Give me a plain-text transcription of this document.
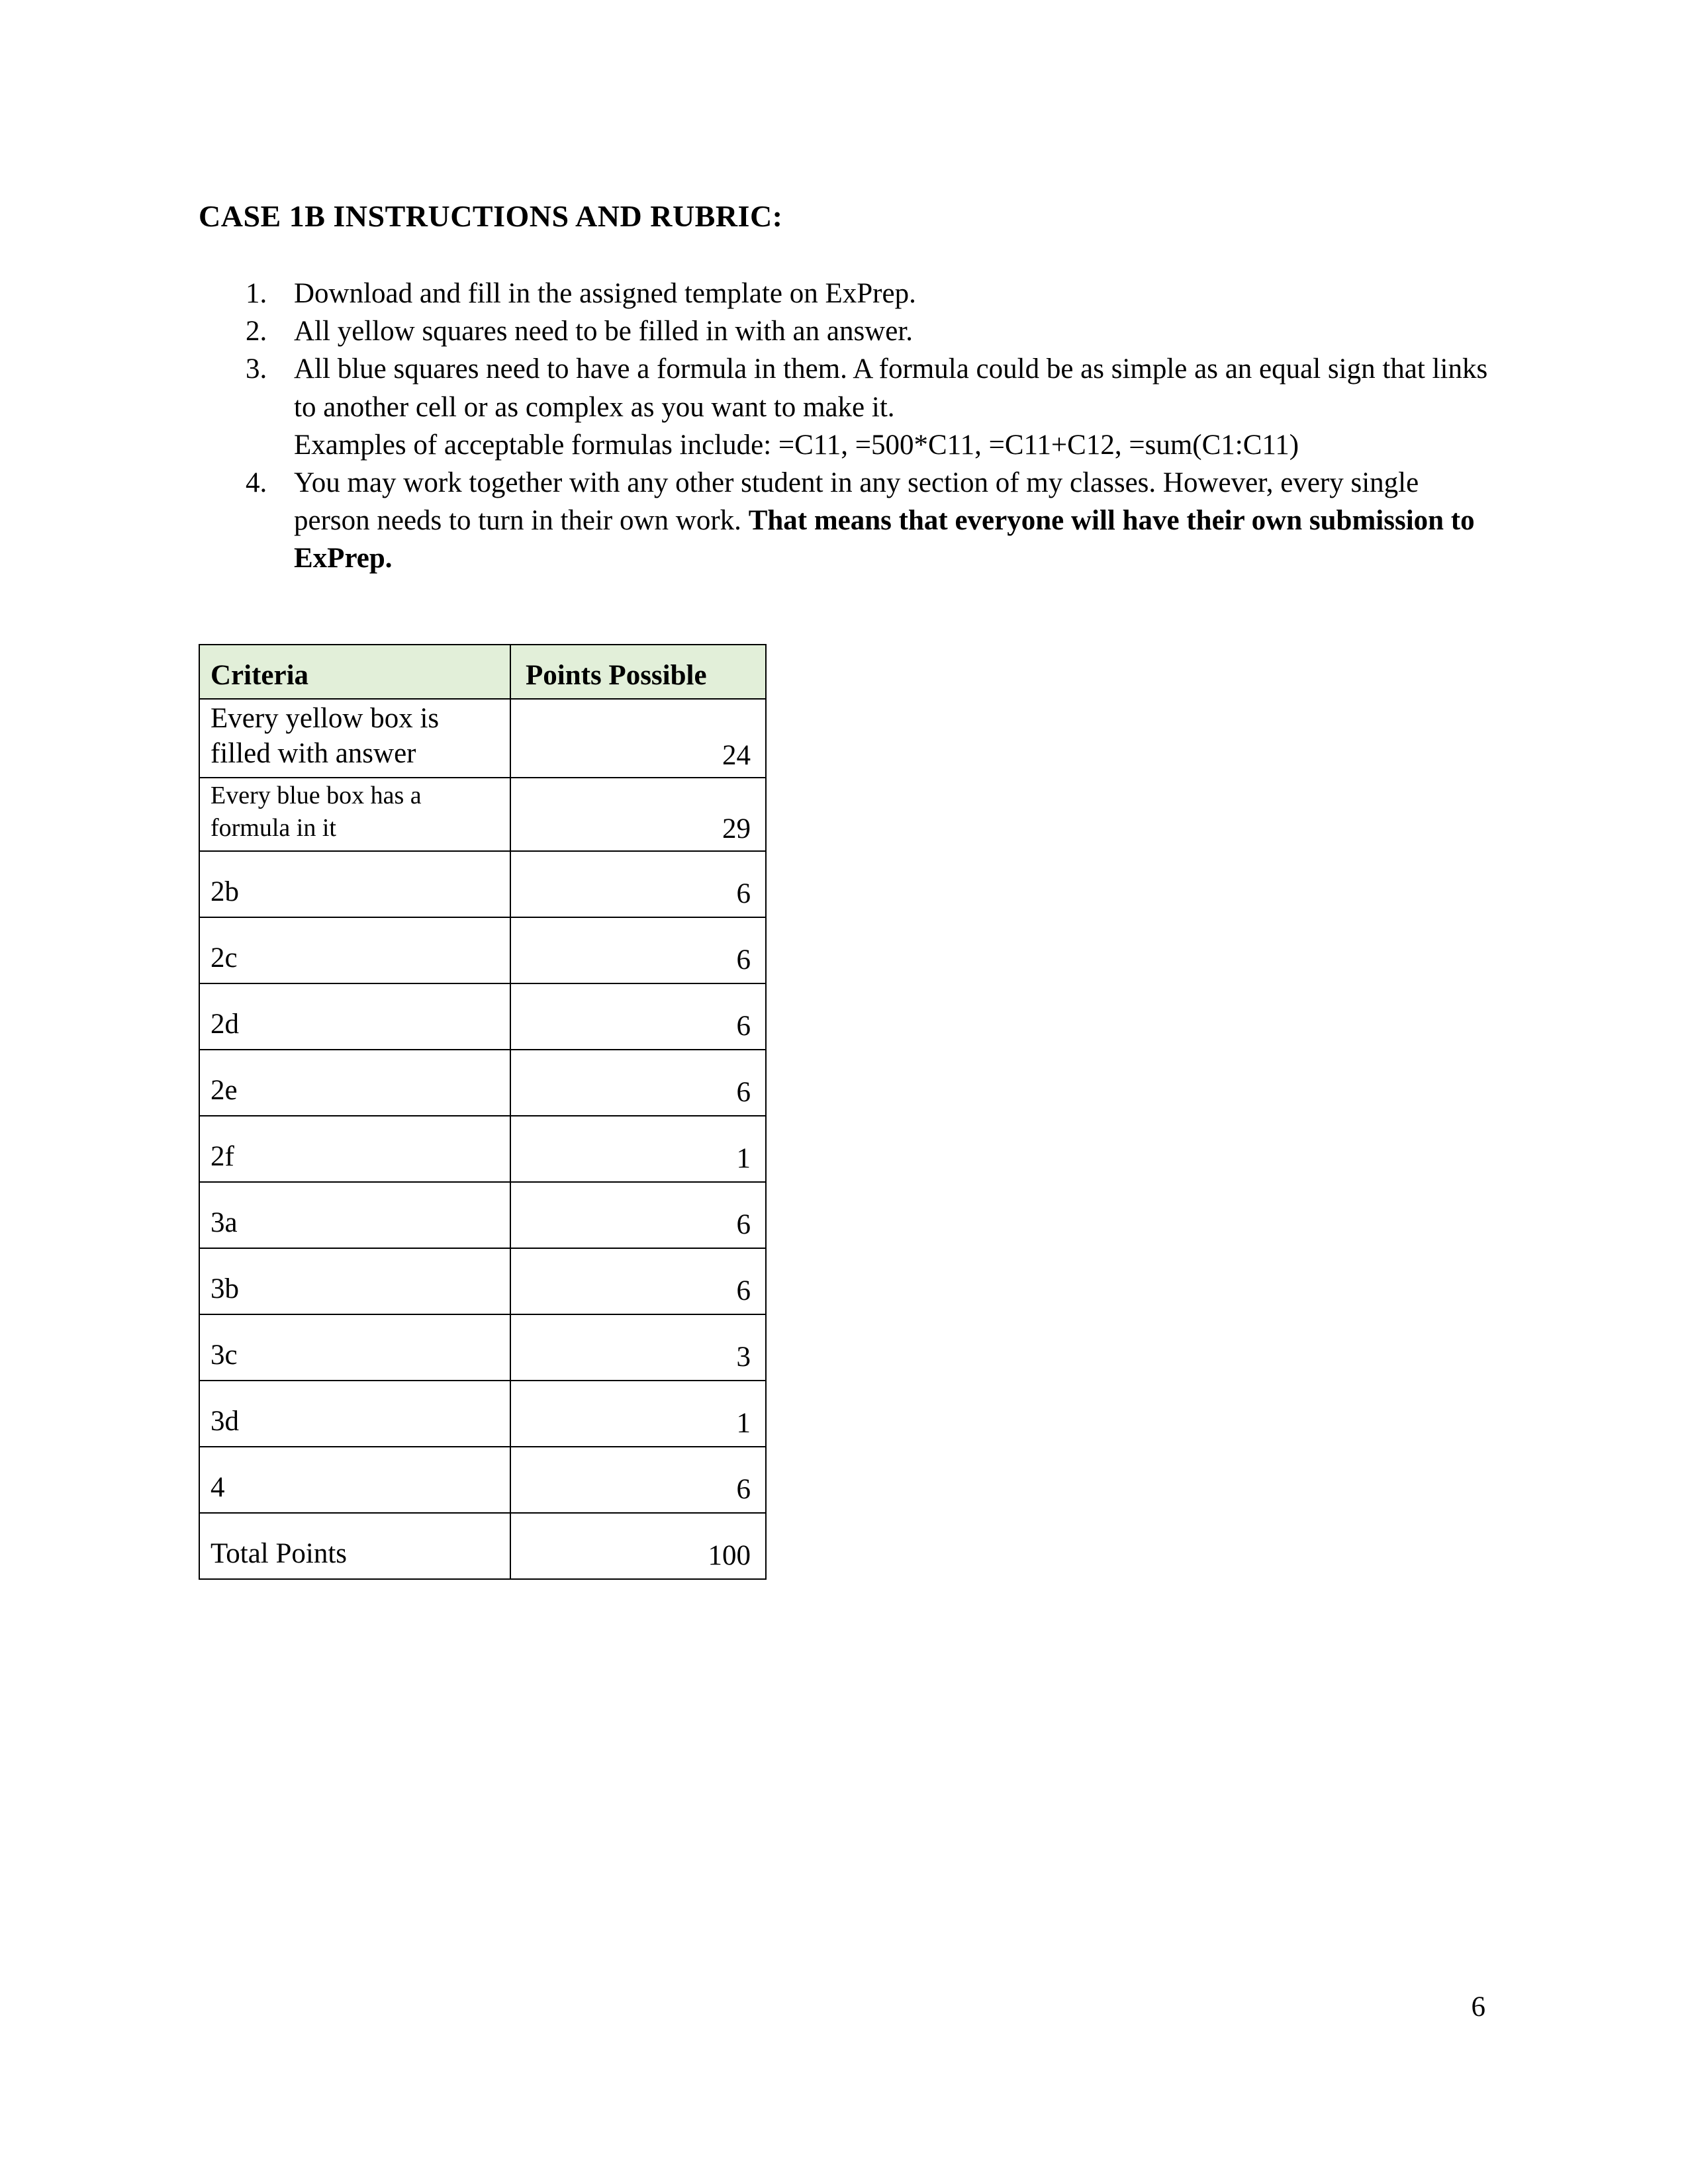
CASE 1B INSTRUCTIONS AND RUBRIC:
1. Download and fill in the assigned template on ExPrep.
2. All yellow squares need to be filled in with an answer.
3. All blue squares need to have a formula in them. A formula could be as simple as an equal sign that links to another cell or as complex as you want to make it.
Examples of acceptable formulas include: =C11, =500*C11, =C11+C12, =sum(C1:C11)
4. You may work together with any other student in any section of my classes. However, every single person needs to turn in their own work. That means that everyone will have their own submission to ExPrep.
Criteria	Points Possible
Every yellow box is filled with answer	24
Every blue box has a formula in it	29
2b	6
2c	6
2d	6
2e	6
2f	1
3a	6
3b	6
3c	3
3d	1
4	6
Total Points	100
6
